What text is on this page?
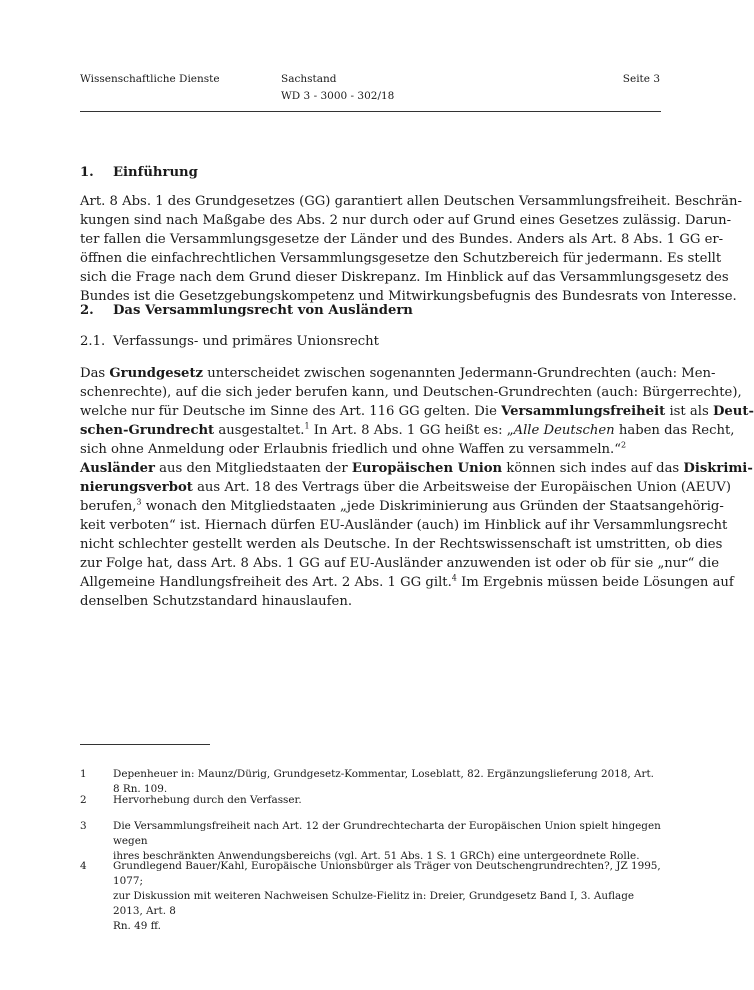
Wissenschaftliche Dienste	Sachstand
WD 3 - 3000 - 302/18
Seite 3
1. Einführung
Art. 8 Abs. 1 des Grundgesetzes (GG) garantiert allen Deutschen Versammlungsfreiheit. Beschrän-
kungen sind nach Maßgabe des Abs. 2 nur durch oder auf Grund eines Gesetzes zulässig. Darun-
ter fallen die Versammlungsgesetze der Länder und des Bundes. Anders als Art. 8 Abs. 1 GG er-
öffnen die einfachrechtlichen Versammlungsgesetze den Schutzbereich für jedermann. Es stellt
sich die Frage nach dem Grund dieser Diskrepanz. Im Hinblick auf das Versammlungsgesetz des
Bundes ist die Gesetzgebungskompetenz und Mitwirkungsbefugnis des Bundesrats von Interesse.
2. Das Versammlungsrecht von Ausländern
2.1. Verfassungs- und primäres Unionsrecht
Das Grundgesetz unterscheidet zwischen sogenannten Jedermann-Grundrechten (auch: Men-
schenrechte), auf die sich jeder berufen kann, und Deutschen-Grundrechten (auch: Bürgerrechte),
welche nur für Deutsche im Sinne des Art. 116 GG gelten. Die Versammlungsfreiheit ist als Deut-
schen-Grundrecht ausgestaltet.$^1$ In Art. 8 Abs. 1 GG heißt es: „Alle Deutschen haben das Recht,
sich ohne Anmeldung oder Erlaubnis friedlich und ohne Waffen zu versammeln.“$^2$
Ausländer aus den Mitgliedstaaten der Europäischen Union können sich indes auf das Diskrimi-
nierungsverbot aus Art. 18 des Vertrags über die Arbeitsweise der Europäischen Union (AEUV)
berufen,$^3$ wonach den Mitgliedstaaten „jede Diskriminierung aus Gründen der Staatsangehörig-
keit verboten“ ist. Hiernach dürfen EU-Ausländer (auch) im Hinblick auf ihr Versammlungsrecht
nicht schlechter gestellt werden als Deutsche. In der Rechtswissenschaft ist umstritten, ob dies
zur Folge hat, dass Art. 8 Abs. 1 GG auf EU-Ausländer anzuwenden ist oder ob für sie „nur“ die
Allgemeine Handlungsfreiheit des Art. 2 Abs. 1 GG gilt.$^4$ Im Ergebnis müssen beide Lösungen auf
denselben Schutzstandard hinauslaufen.
1	Depenheuer in: Maunz/Dürig, Grundgesetz-Kommentar, Loseblatt, 82. Ergänzungslieferung 2018, Art. 8 Rn. 109.
2	Hervorhebung durch den Verfasser.
3	Die Versammlungsfreiheit nach Art. 12 der Grundrechtecharta der Europäischen Union spielt hingegen wegen
ihres beschränkten Anwendungsbereichs (vgl. Art. 51 Abs. 1 S. 1 GRCh) eine untergeordnete Rolle.
4	Grundlegend Bauer/Kahl, Europäische Unionsbürger als Träger von Deutschengrundrechten?, JZ 1995, 1077;
zur Diskussion mit weiteren Nachweisen Schulze-Fielitz in: Dreier, Grundgesetz Band I, 3. Auflage 2013, Art. 8
Rn. 49 ff.
